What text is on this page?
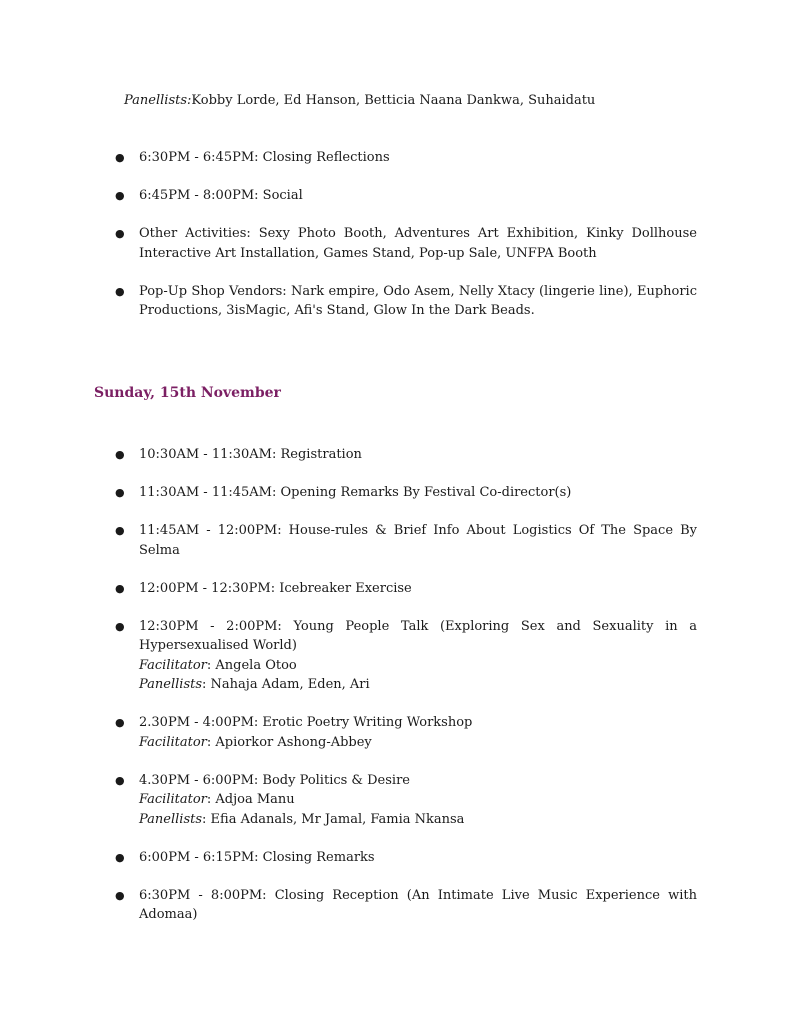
Panellists:Kobby Lorde, Ed Hanson, Betticia Naana Dankwa, Suhaidatu
● 6:30PM - 6:45PM: Closing Reflections
● 6:45PM - 8:00PM: Social
● Other Activities: Sexy Photo Booth, Adventures Art Exhibition, Kinky Dollhouse Interactive Art Installation, Games Stand, Pop-up Sale, UNFPA Booth
● Pop-Up Shop Vendors: Nark empire, Odo Asem, Nelly Xtacy (lingerie line), Euphoric Productions, 3isMagic, Afi's Stand, Glow In the Dark Beads.
Sunday, 15th November
● 10:30AM - 11:30AM: Registration
● 11:30AM - 11:45AM: Opening Remarks By Festival Co-director(s)
● 11:45AM - 12:00PM: House-rules & Brief Info About Logistics Of The Space By Selma
● 12:00PM - 12:30PM: Icebreaker Exercise
● 12:30PM - 2:00PM: Young People Talk (Exploring Sex and Sexuality in a Hypersexualised World)
Facilitator: Angela Otoo
Panellists: Nahaja Adam, Eden, Ari
● 2.30PM - 4:00PM: Erotic Poetry Writing Workshop
Facilitator: Apiorkor Ashong-Abbey
● 4.30PM - 6:00PM: Body Politics & Desire
Facilitator: Adjoa Manu
Panellists: Efia Adanals, Mr Jamal, Famia Nkansa
● 6:00PM - 6:15PM: Closing Remarks
● 6:30PM - 8:00PM: Closing Reception (An Intimate Live Music Experience with Adomaa)
